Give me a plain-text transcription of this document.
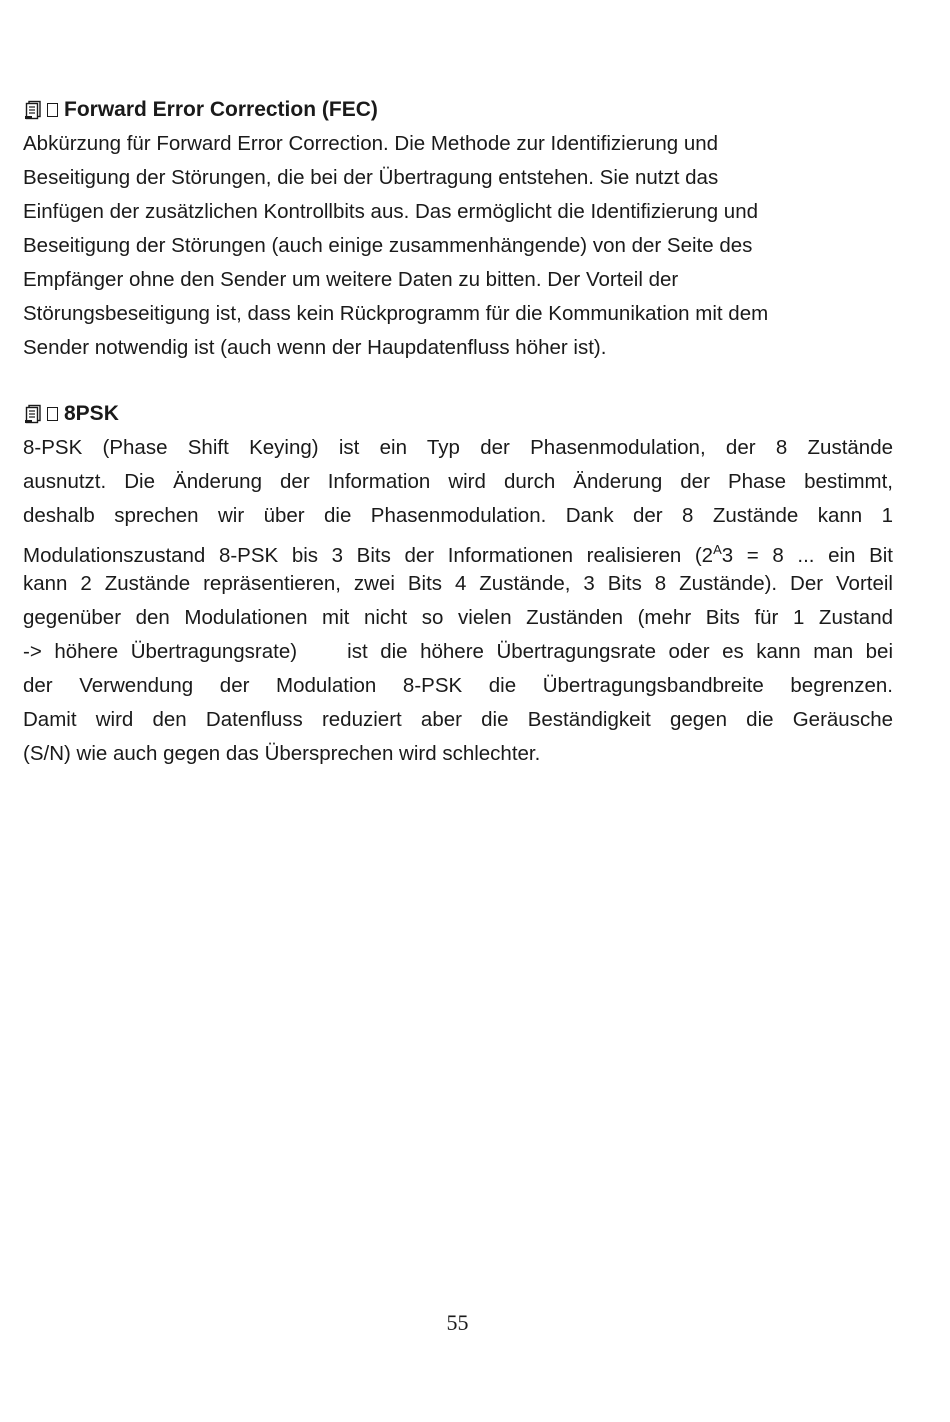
Forward Error Correction (FEC)
Abkürzung für Forward Error Correction. Die Methode zur Identifizierung und
Beseitigung der Störungen, die bei der Übertragung entstehen. Sie nutzt das
Einfügen der zusätzlichen Kontrollbits aus. Das ermöglicht die Identifizierung und
Beseitigung der Störungen (auch einige zusammenhängende) von der Seite des
Empfänger ohne den Sender um weitere Daten zu bitten. Der Vorteil der
Störungsbeseitigung ist, dass kein Rückprogramm für die Kommunikation mit dem
Sender notwendig ist (auch wenn der Haupdatenfluss höher ist).
8PSK
8-PSK (Phase Shift Keying) ist ein Typ der Phasenmodulation, der 8 Zustände
ausnutzt. Die Änderung der Information wird durch Änderung der Phase bestimmt,
deshalb sprechen wir über die Phasenmodulation. Dank der 8 Zustände kann 1
Modulationszustand 8-PSK bis 3 Bits der Informationen realisieren ($2^A3 = 8$ ... ein Bit
kann 2 Zustände repräsentieren, zwei Bits 4 Zustände, 3 Bits 8 Zustände). Der Vorteil
gegenüber den Modulationen mit nicht so vielen Zuständen (mehr Bits für 1 Zustand
-> höhere Übertragungsrate)    ist die höhere Übertragungsrate oder es kann man bei
der Verwendung der Modulation 8-PSK die Übertragungsbandbreite begrenzen.
Damit wird den Datenfluss reduziert aber die Beständigkeit gegen die Geräusche
(S/N) wie auch gegen das Übersprechen wird schlechter.
55
